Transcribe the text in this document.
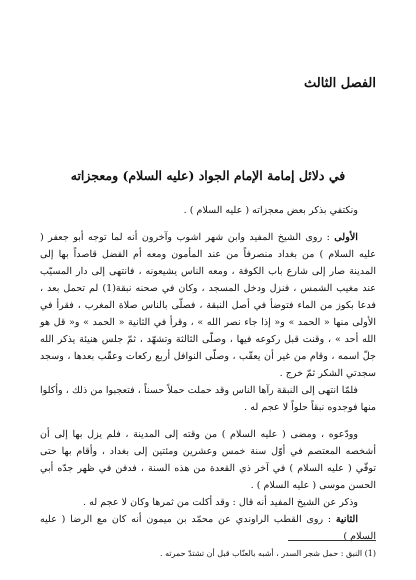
الفصل الثالث
في دلائل إمامة الإمام الجواد (عليه السلام) ومعجزاته

ونكتفي بذكر بعض معجزاته ( عليه السلام ) .

الأولى : روى الشيخ المفيد وابن شهر اشوب وآخرون أنه لما توجه أبو جعفر ( عليه السلام ) من بغداد منصرفاً من عند المأمون ومعه أم الفضل قاصداً بها إلى المدينة صار إلى شارع باب الكوفة ، ومعه الناس يشيعونه ، فانتهى إلى دار المسيّب عند مغيب الشمس ، فنزل ودخل المسجد ، وكان في صحنه نبقة(1) لم تحمل بعد ، فدعا بكوز من الماء فتوضأ في أصل النبقة ، فصلّى بالناس صلاة المغرب ، فقرأ في الأولى منها « الحمد » و« إذا جاء نصر الله » ، وقرأ في الثانية « الحمد » و« قل هو الله أحد » ، وقنت قبل ركوعه فيها ، وصلّى الثالثة وتشهّد ، ثمّ جلس هنيئة يذكر الله جلّ اسمه ، وقام من غير أن يعقّب ، وصلّى النوافل أربع ركعات وعقّب بعدها ، وسجد سجدتي الشكر ثمّ خرج .

فلمّا انتهى إلى النبقة رآها الناس وقد حملت حملاً حسناً ، فتعجبوا من ذلك ، وأكلوا منها فوجدوه نبقاً حلواً لا عجم له .

وودّعوه ، ومضى ( عليه السلام ) من وقته إلى المدينة ، فلم يزل بها إلى أن أشخصه المعتصم في أوّل سنة خمس وعشرين ومئتين إلى بغداد ، وأقام بها حتى توفّي ( عليه السلام ) في آخر ذي القعدة من هذه السنة ، فدفن في ظهر جدّه أبي الحسن موسى ( عليه السلام ) .

وذكر عن الشيخ المفيد أنه قال : وقد أكلت من ثمرها وكان لا عجم له .

الثانية : روى القطب الراوندي عن محمّد بن ميمون أنه كان مع الرضا ( عليه السلام )

(1) النبق : حمل شجر السدر ، أشبه بالعنّاب قبل أن تشتدّ حمرته .
